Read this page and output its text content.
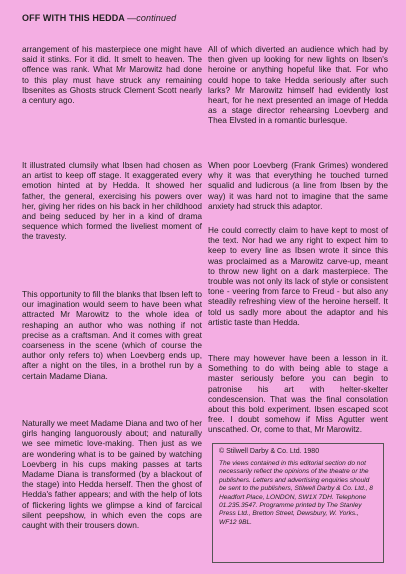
OFF WITH THIS HEDDA —continued

arrangement of his masterpiece one might have said it stinks. For it did. It smelt to heaven. The offence was rank. What Mr Marowitz had done to this play must have struck any remaining Ibsenites as Ghosts struck Clement Scott nearly a century ago.

It illustrated clumsily what Ibsen had chosen as an artist to keep off stage. It exaggerated every emotion hinted at by Hedda. It showed her father, the general, exercising his powers over her, giving her rides on his back in her childhood and being seduced by her in a kind of drama sequence which formed the liveliest moment of the travesty.

This opportunity to fill the blanks that Ibsen left to our imagination would seem to have been what attracted Mr Marowitz to the whole idea of reshaping an author who was nothing if not precise as a craftsman. And it comes with great coarseness in the scene (which of course the author only refers to) when Loevberg ends up, after a night on the tiles, in a brothel run by a certain Madame Diana.

Naturally we meet Madame Diana and two of her girls hanging languorously about; and naturally we see mimetic love-making. Then just as we are wondering what is to be gained by watching Loevberg in his cups making passes at tarts Madame Diana is transformed (by a blackout of the stage) into Hedda herself. Then the ghost of Hedda's father appears; and with the help of lots of flickering lights we glimpse a kind of farcical silent peepshow, in which even the cops are caught with their trousers down.

All of which diverted an audience which had by then given up looking for new lights on Ibsen's heroine or anything hopeful like that. For who could hope to take Hedda seriously after such larks? Mr Marowitz himself had evidently lost heart, for he next presented an image of Hedda as a stage director rehearsing Loevberg and Thea Elvsted in a romantic burlesque.

When poor Loevberg (Frank Grimes) wondered why it was that everything he touched turned squalid and ludicrous (a line from Ibsen by the way) it was hard not to imagine that the same anxiety had struck this adaptor.

He could correctly claim to have kept to most of the text. Nor had we any right to expect him to keep to every line as Ibsen wrote it since this was proclaimed as a Marowitz carve-up, meant to throw new light on a dark masterpiece. The trouble was not only its lack of style or consistent tone - veering from farce to Freud - but also any steadily refreshing view of the heroine herself. It told us sadly more about the adaptor and his artistic taste than Hedda.

There may however have been a lesson in it. Something to do with being able to stage a master seriously before you can begin to patronise his art with helter-skelter condescension. That was the final consolation about this bold experiment. Ibsen escaped scot free. I doubt somehow if Miss Agutter went unscathed. Or, come to that, Mr Marowitz.

© Stilwell Darby & Co. Ltd. 1980
The views contained in this editorial section do not necessarily reflect the opinions of the theatre or the publishers. Letters and advertising enquiries should be sent to the publishers, Stilwell Darby & Co. Ltd., 8 Headfort Place, LONDON, SW1X 7DH. Telephone 01.235.3547. Programme printed by The Stanley Press Ltd., Bretton Street, Dewsbury, W. Yorks., WF12 9BL.
